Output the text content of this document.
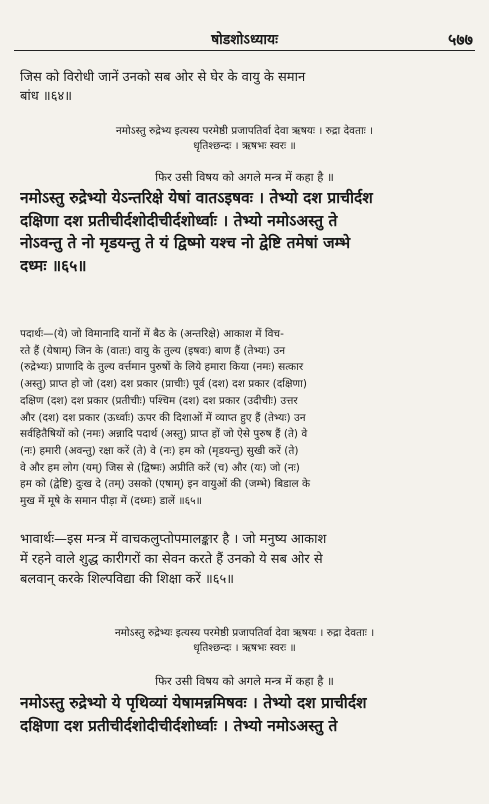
षोडशोऽध्यायः	५७७
जिस को विरोधी जानें उनको सब ओर से घेर के वायु के समान
बांध ॥६४॥
नमोऽस्तु रुद्रेभ्य इत्यस्य परमेष्ठी प्रजापतिर्वा देवा ऋषयः । रुद्रा देवताः ।
धृतिश्छन्दः । ऋषभः स्वरः ॥
फिर उसी विषय को अगले मन्त्र में कहा है ॥
नमोऽस्तु रुद्रेभ्यो येऽन्तरिक्षे येषां वातऽइषवः । तेभ्यो दश प्राचीर्दश
दक्षिणा दश प्रतीचीर्दशोदीचीर्दशोर्ध्वाः । तेभ्यो नमोऽअस्तु ते
नोऽवन्तु ते नो मृडयन्तु ते यं द्विष्मो यश्च नो द्वेष्टि तमेषां जम्भे
दध्मः ॥६५॥
पदार्थः—(ये) जो विमानादि यानों में बैठ के (अन्तरिक्षे) आकाश में विच-
रते हैं (येषाम्) जिन के (वातः) वायु के तुल्य (इषवः) बाण हैं (तेभ्यः) उन
(रुद्रेभ्यः) प्राणादि के तुल्य वर्त्तमान पुरुषों के लिये हमारा किया (नमः) सत्कार
(अस्तु) प्राप्त हो जो (दश) दश प्रकार (प्राचीः) पूर्व (दश) दश प्रकार (दक्षिणा)
दक्षिण (दश) दश प्रकार (प्रतीचीः) पश्चिम (दश) दश प्रकार (उदीचीः) उत्तर
और (दश) दश प्रकार (ऊर्ध्वाः) ऊपर की दिशाओं में व्याप्त हुए हैं (तेभ्यः) उन
सर्वहितैषियों को (नमः) अन्नादि पदार्थ (अस्तु) प्राप्त हों जो ऐसे पुरुष हैं (ते) वे
(नः) हमारी (अवन्तु) रक्षा करें (ते) वे (नः) हम को (मृडयन्तु) सुखी करें (ते)
वे और हम लोग (यम्) जिस से (द्विष्मः) अप्रीति करें (च) और (यः) जो (नः)
हम को (द्वेष्टि) दुःख दे (तम्) उसको (एषाम्) इन वायुओं की (जम्भे) बिडाल के
मुख में मूषे के समान पीड़ा में (दध्मः) डालें ॥६५॥
भावार्थः—इस मन्त्र में वाचकलुप्तोपमालङ्कार है । जो मनुष्य आकाश
में रहने वाले शुद्ध कारीगरों का सेवन करते हैं उनको ये सब ओर से
बलवान् करके शिल्पविद्या की शिक्षा करें ॥६५॥
नमोऽस्तु रुद्रेभ्यः इत्यस्य परमेष्ठी प्रजापतिर्वा देवा ऋषयः । रुद्रा देवताः ।
धृतिश्छन्दः । ऋषभः स्वरः ॥
फिर उसी विषय को अगले मन्त्र में कहा है ॥
नमोऽस्तु रुद्रेभ्यो ये पृथिव्यां येषामन्नमिषवः । तेभ्यो दश प्राचीर्दश
दक्षिणा दश प्रतीचीर्दशोदीचीर्दशोर्ध्वाः । तेभ्यो नमोऽअस्तु ते
